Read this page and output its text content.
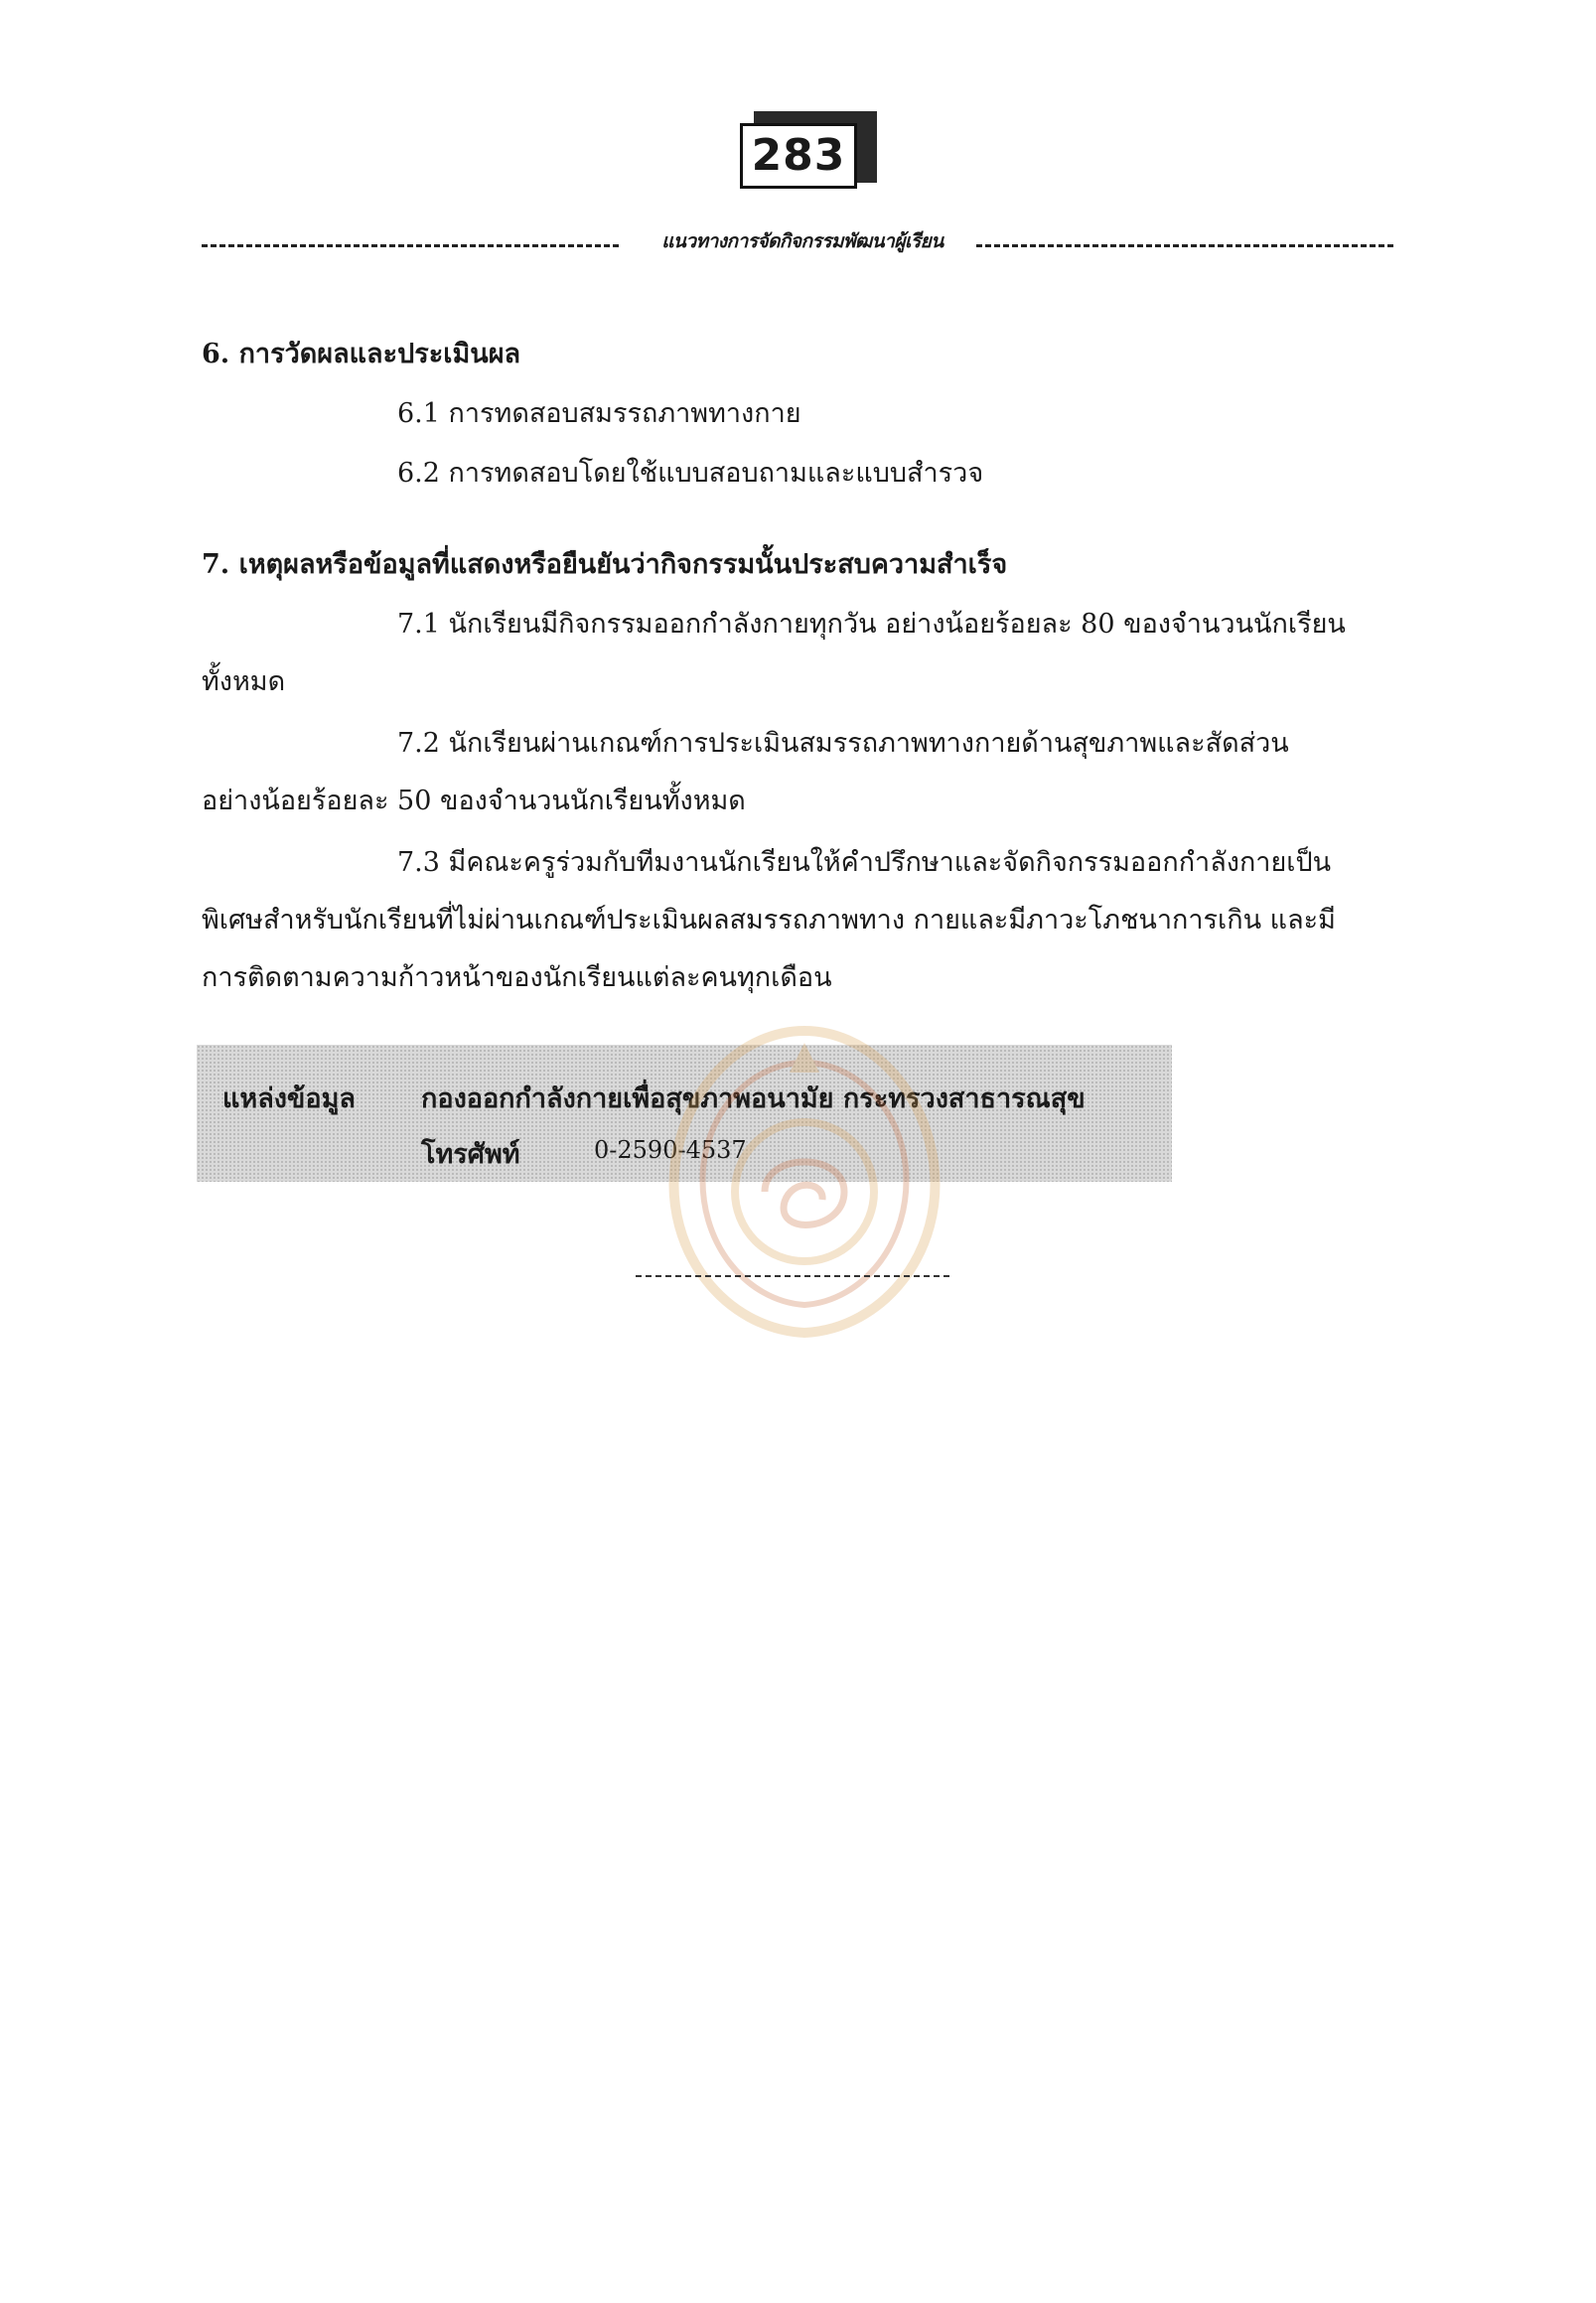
283
แนวทางการจัดกิจกรรมพัฒนาผู้เรียน
6. การวัดผลและประเมินผล
6.1 การทดสอบสมรรถภาพทางกาย
6.2 การทดสอบโดยใช้แบบสอบถามและแบบสำรวจ
7. เหตุผลหรือข้อมูลที่แสดงหรือยืนยันว่ากิจกรรมนั้นประสบความสำเร็จ
7.1 นักเรียนมีกิจกรรมออกกำลังกายทุกวัน อย่างน้อยร้อยละ 80 ของจำนวนนักเรียน
ทั้งหมด
7.2 นักเรียนผ่านเกณฑ์การประเมินสมรรถภาพทางกายด้านสุขภาพและสัดส่วน
อย่างน้อยร้อยละ 50 ของจำนวนนักเรียนทั้งหมด
7.3 มีคณะครูร่วมกับทีมงานนักเรียนให้คำปรึกษาและจัดกิจกรรมออกกำลังกายเป็น
พิเศษสำหรับนักเรียนที่ไม่ผ่านเกณฑ์ประเมินผลสมรรถภาพทาง กายและมีภาวะโภชนาการเกิน และมี
การติดตามความก้าวหน้าของนักเรียนแต่ละคนทุกเดือน
แหล่งข้อมูล กองออกกำลังกายเพื่อสุขภาพอนามัย กระทรวงสาธารณสุข
โทรศัพท์	0-2590-4537
